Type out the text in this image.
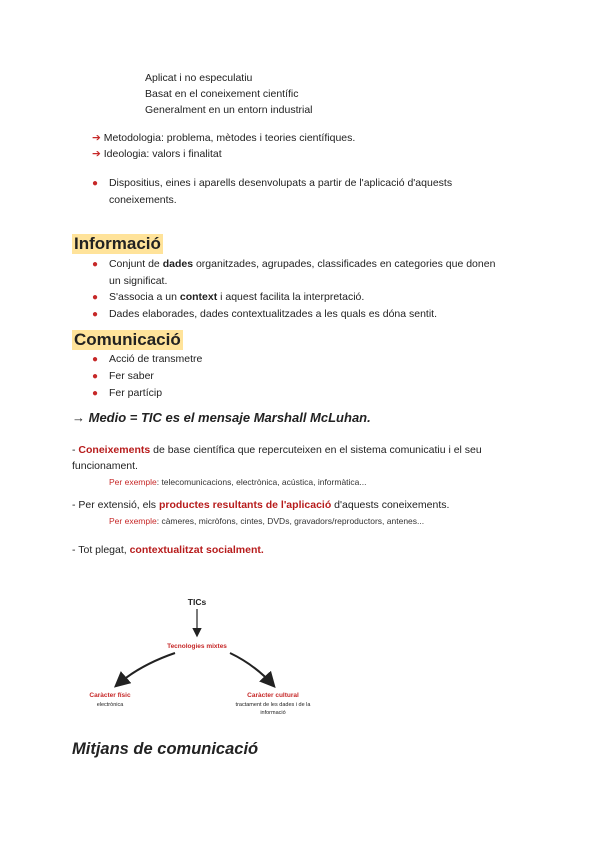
Aplicat i no especulatiu
Basat en el coneixement científic
Generalment en un entorn industrial
➔ Metodologia: problema, mètodes i teories científiques.
➔ Ideologia: valors i finalitat
● Dispositius, eines i aparells desenvolupats a partir de l'aplicació d'aquests
coneixements.
Informació
● Conjunt de dades organitzades, agrupades, classificades en categories que donen
un significat.
● S'associa a un context i aquest facilita la interpretació.
● Dades elaborades, dades contextualitzades a les quals es dóna sentit.
Comunicació
● Acció de transmetre
● Fer saber
● Fer partícip
→ Medio = TIC es el mensaje Marshall McLuhan.
- Coneixements de base científica que repercuteixen en el sistema comunicatiu i el seu
funcionament.
Per exemple: telecomunicacions, electrònica, acústica, informàtica...
- Per extensió, els productes resultants de l'aplicació d'aquests coneixements.
Per exemple: càmeres, micròfons, cintes, DVDs, gravadors/reproductors, antenes...
- Tot plegat, contextualitzat socialment.
TICs
Tecnologies mixtes
Caràcter físic
electrònica
Caràcter cultural
tractament de les dades i de la
informació
Mitjans de comunicació
